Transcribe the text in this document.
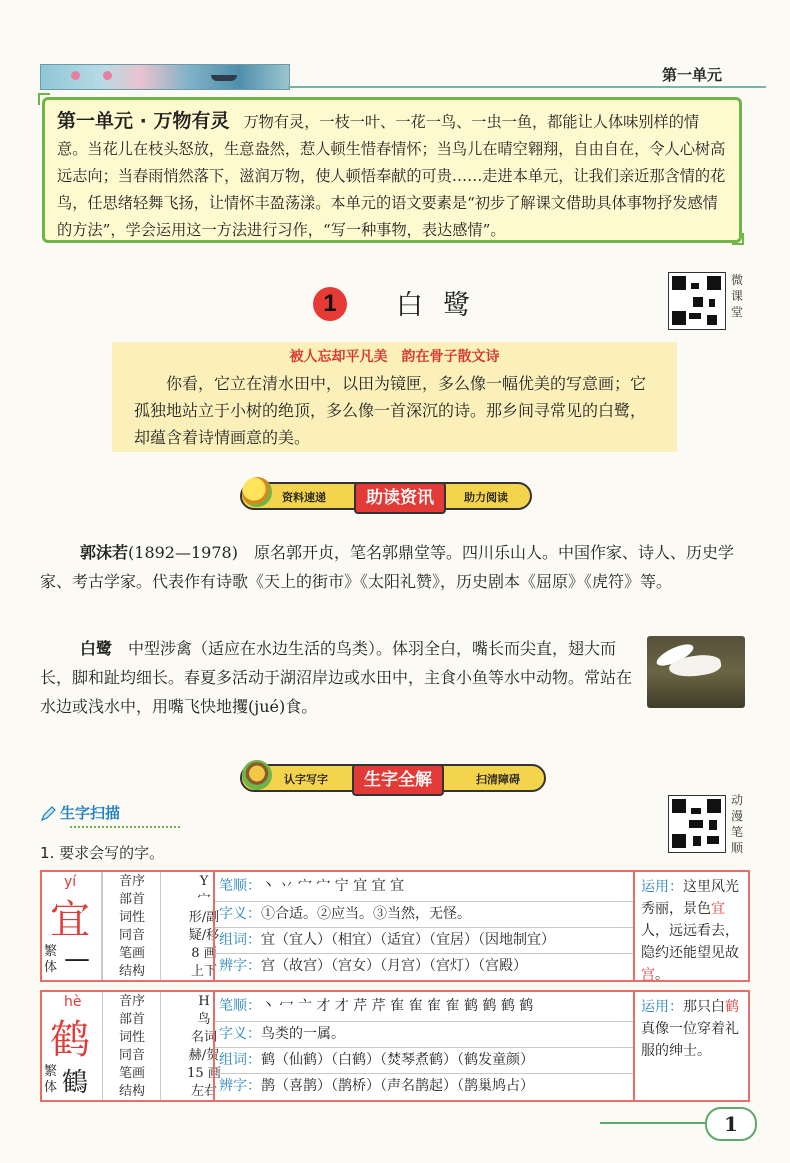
第一单元
第一单元 · 万物有灵 万物有灵，一枝一叶、一花一鸟、一虫一鱼，都能让人体味别样的情意。当花儿在枝头怒放，生意盎然，惹人顿生惜春情怀；当鸟儿在晴空翱翔，自由自在，令人心树高远志向；当春雨悄然落下，滋润万物，使人顿悟奉献的可贵……走进本单元，让我们亲近那含情的花鸟，任思绪轻舞飞扬，让情怀丰盈荡漾。本单元的语文要素是“初步了解课文借助具体事物抒发感情的方法”，学会运用这一方法进行习作，“写一种事物，表达感情”。
1	白鹭
微课堂
被人忘却平凡美　韵在骨子散文诗
你看，它立在清水田中，以田为镜匣，多么像一幅优美的写意画；它孤独地站立于小树的绝顶，多么像一首深沉的诗。那乡间寻常见的白鹭，却蕴含着诗情画意的美。
资料速递	助读资讯	助力阅读
郭沫若(1892—1978)　原名郭开贞，笔名郭鼎堂等。四川乐山人。中国作家、诗人、历史学家、考古学家。代表作有诗歌《天上的街市》《太阳礼赞》，历史剧本《屈原》《虎符》等。
白鹭　中型涉禽（适应在水边生活的鸟类）。体羽全白，嘴长而尖直，翅大而长，脚和趾均细长。春夏多活动于湖沼岸边或水田中，主食小鱼等水中动物。常站在水边或浅水中，用嘴飞快地攫(jué)食。
认字写字	生字全解	扫清障碍
生字扫描
1. 要求会写的字。
动漫笔顺
yí
宜
繁体 —
音序	Y
部首	宀
词性	形/副
同音	疑/移
笔画	8 画
结构	上下
笔顺：丶 丷 宀 宀 宁 宜 宜 宜
字义：①合适。②应当。③当然，无怪。
组词：宜（宜人）（相宜）（适宜）（宜居）（因地制宜）
辨字：宫（故宫）（宫女）（月宫）（宫灯）（宫殿）
运用：这里风光秀丽，景色宜人，远远看去，隐约还能望见故宫。
hè
鹤
繁体 鶴
音序	H
部首	鸟
词性	名词
同音	赫/贺
笔画	15 画
结构	左右
笔顺：丶 冖 亠 才 才 芹 芹 隺 隺 隺 隺 鹤 鹤 鹤 鹤
字义：鸟类的一属。
组词：鹤（仙鹤）（白鹤）（焚琴煮鹤）（鹤发童颜）
辨字：鹊（喜鹊）（鹊桥）（声名鹊起）（鹊巢鸠占）
运用：那只白鹤真像一位穿着礼服的绅士。
1
